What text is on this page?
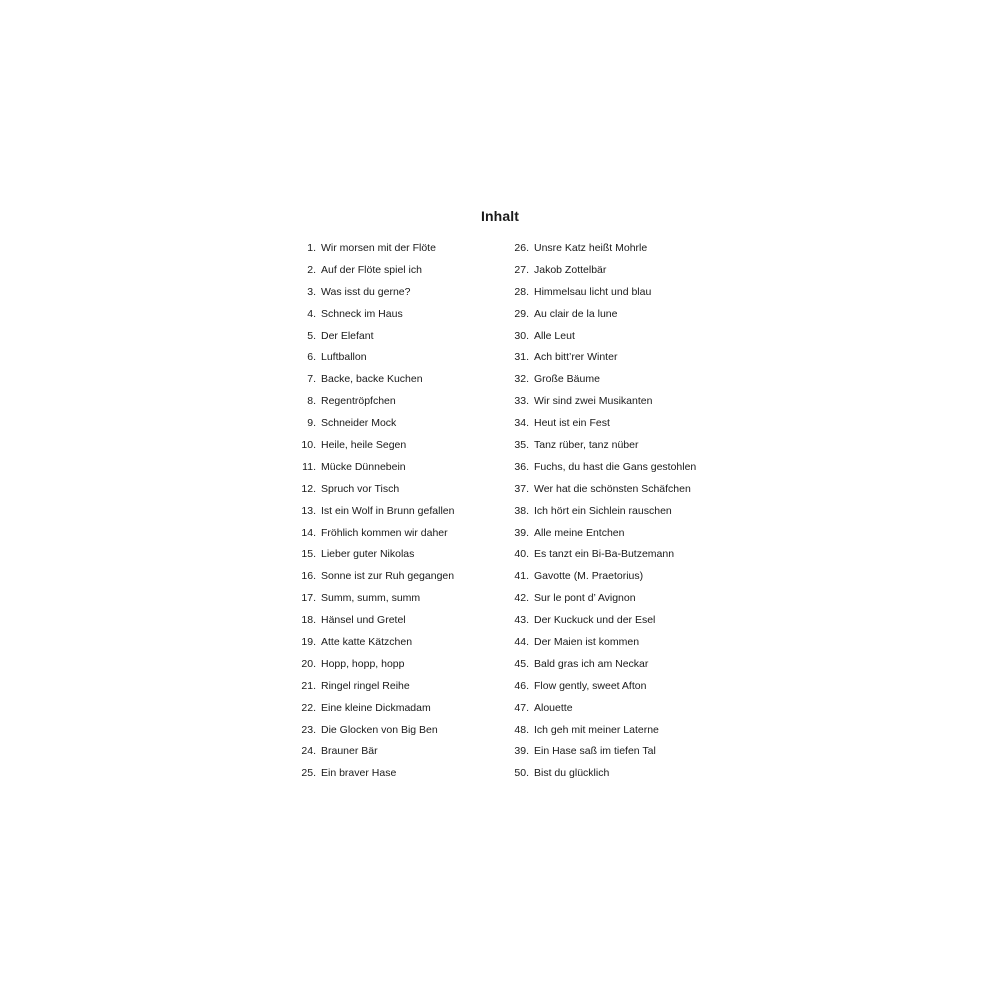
Inhalt
1. Wir morsen mit der Flöte
2. Auf der Flöte spiel ich
3. Was isst du gerne?
4. Schneck im Haus
5. Der Elefant
6. Luftballon
7. Backe, backe Kuchen
8. Regentröpfchen
9. Schneider Mock
10. Heile, heile Segen
11. Mücke Dünnebein
12. Spruch vor Tisch
13. Ist ein Wolf in Brunn gefallen
14. Fröhlich kommen wir daher
15. Lieber guter Nikolas
16. Sonne ist zur Ruh gegangen
17. Summ, summ, summ
18. Hänsel und Gretel
19. Atte katte Kätzchen
20. Hopp, hopp, hopp
21. Ringel ringel Reihe
22. Eine kleine Dickmadam
23. Die Glocken von Big Ben
24. Brauner Bär
25. Ein braver Hase
26. Unsre Katz heißt Mohrle
27. Jakob Zottelbär
28. Himmelsau licht und blau
29. Au clair de la lune
30. Alle Leut
31. Ach bitt’rer Winter
32. Große Bäume
33. Wir sind zwei Musikanten
34. Heut ist ein Fest
35. Tanz rüber, tanz nüber
36. Fuchs, du hast die Gans gestohlen
37. Wer hat die schönsten Schäfchen
38. Ich hört ein Sichlein rauschen
39. Alle meine Entchen
40. Es tanzt ein Bi-Ba-Butzemann
41. Gavotte (M. Praetorius)
42. Sur le pont d’ Avignon
43. Der Kuckuck und der Esel
44. Der Maien ist kommen
45. Bald gras ich am Neckar
46. Flow gently, sweet Afton
47. Alouette
48. Ich geh mit meiner Laterne
39. Ein Hase saß im tiefen Tal
50. Bist du glücklich
